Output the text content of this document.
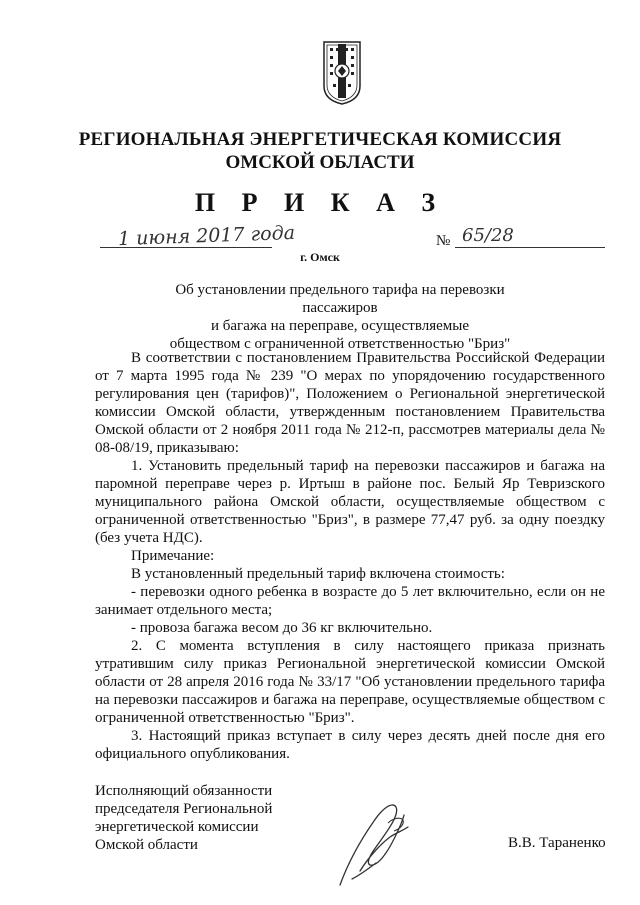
РЕГИОНАЛЬНАЯ ЭНЕРГЕТИЧЕСКАЯ КОМИССИЯ
ОМСКОЙ ОБЛАСТИ
П Р И К А З
1 июня 2017 года	№ 65/28
г. Омск
Об установлении предельного тарифа на перевозки пассажиров
и багажа на переправе, осуществляемые
обществом с ограниченной ответственностью "Бриз"

В соответствии с постановлением Правительства Российской Федерации от 7 марта 1995 года № 239 "О мерах по упорядочению государственного регулирования цен (тарифов)", Положением о Региональной энергетической комиссии Омской области, утвержденным постановлением Правительства Омской области от 2 ноября 2011 года № 212-п, рассмотрев материалы дела № 08-08/19, приказываю:

1. Установить предельный тариф на перевозки пассажиров и багажа на паромной переправе через р. Иртыш в районе пос. Белый Яр Тевризского муниципального района Омской области, осуществляемые обществом с ограниченной ответственностью "Бриз", в размере 77,47 руб. за одну поездку (без учета НДС).

Примечание:

В установленный предельный тариф включена стоимость:

- перевозки одного ребенка в возрасте до 5 лет включительно, если он не занимает отдельного места;

- провоза багажа весом до 36 кг включительно.

2. С момента вступления в силу настоящего приказа признать утратившим силу приказ Региональной энергетической комиссии Омской области от 28 апреля 2016 года № 33/17 "Об установлении предельного тарифа на перевозки пассажиров и багажа на переправе, осуществляемые обществом с ограниченной ответственностью "Бриз".

3. Настоящий приказ вступает в силу через десять дней после дня его официального опубликования.

Исполняющий обязанности
председателя Региональной
энергетической комиссии
Омской области	В.В. Тараненко
